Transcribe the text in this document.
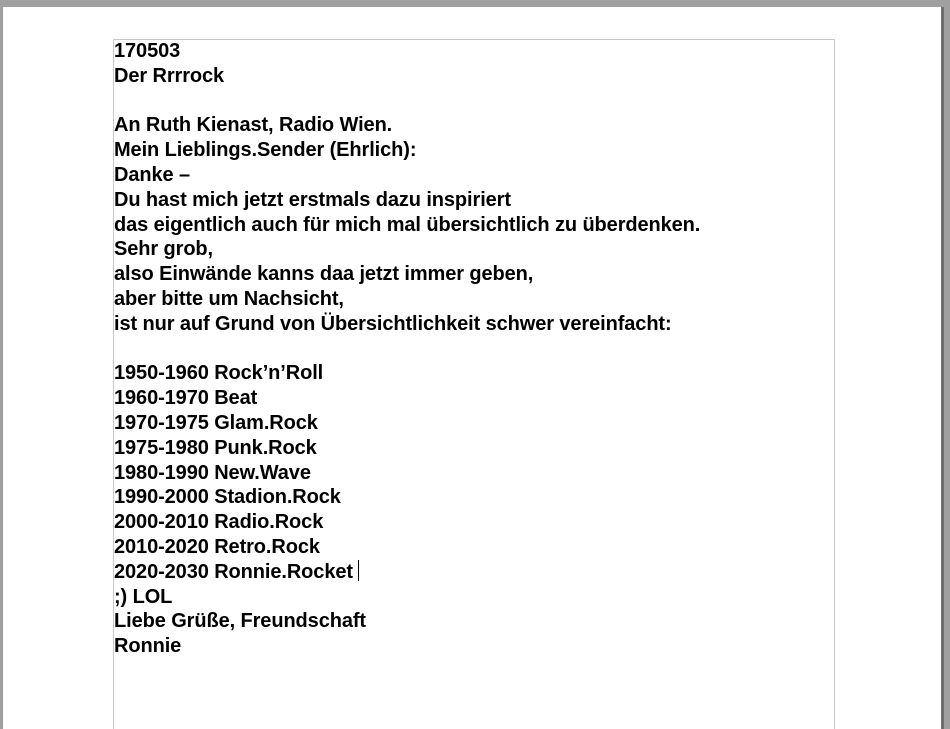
170503
Der Rrrrock
An Ruth Kienast, Radio Wien.
Mein Lieblings.Sender (Ehrlich):
Danke –
Du hast mich jetzt erstmals dazu inspiriert
das eigentlich auch für mich mal übersichtlich zu überdenken.
Sehr grob,
also Einwände kanns daa jetzt immer geben,
aber bitte um Nachsicht,
ist nur auf Grund von Übersichtlichkeit schwer vereinfacht:
1950-1960 Rock’n’Roll
1960-1970 Beat
1970-1975 Glam.Rock
1975-1980 Punk.Rock
1980-1990 New.Wave
1990-2000 Stadion.Rock
2000-2010 Radio.Rock
2010-2020 Retro.Rock
2020-2030 Ronnie.Rocket
;) LOL
Liebe Grüße, Freundschaft
Ronnie
